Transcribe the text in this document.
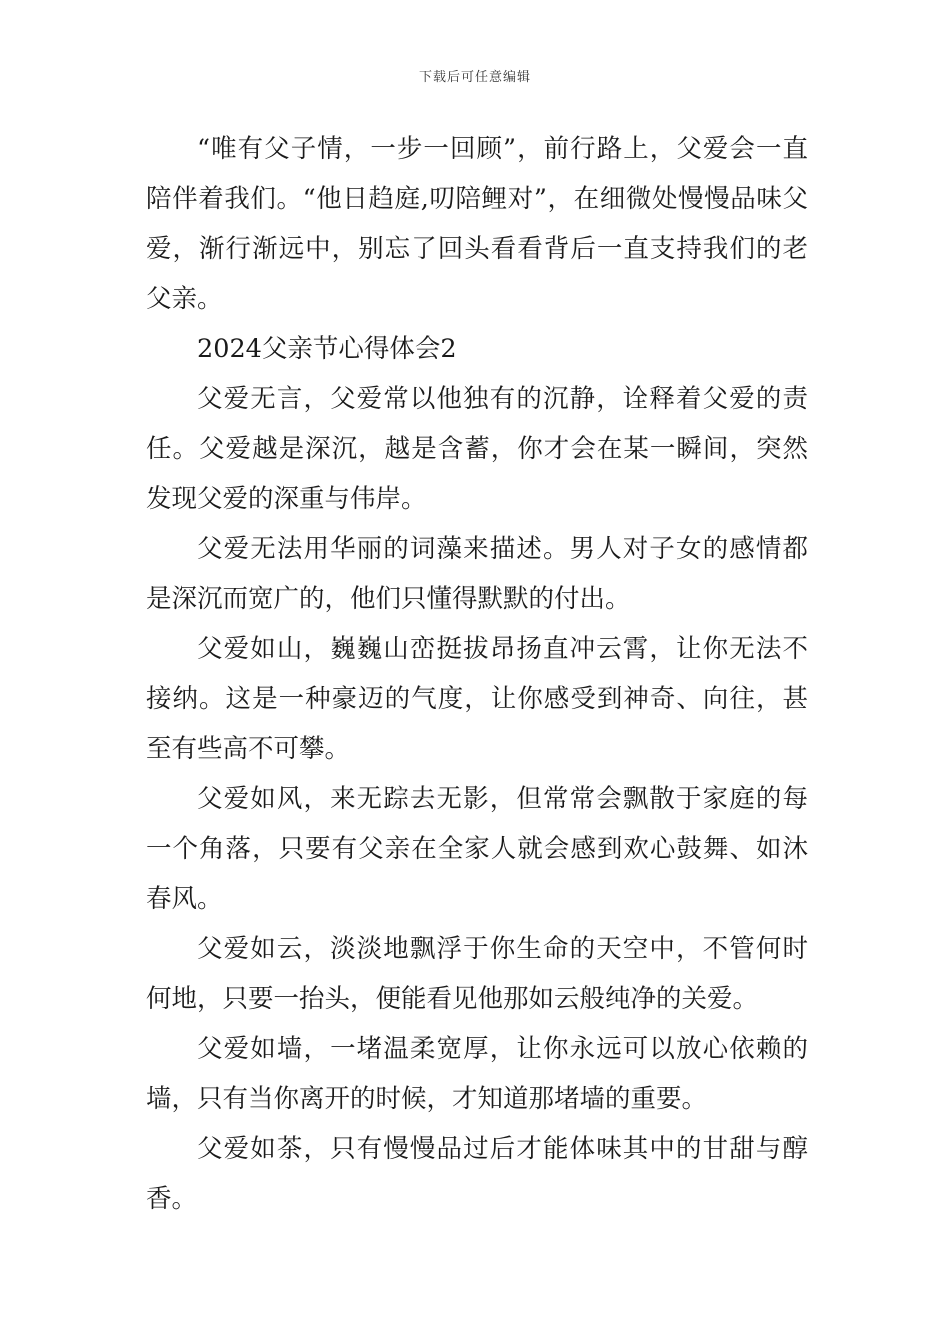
下载后可任意编辑

“唯有父子情，一步一回顾”，前行路上，父爱会一直陪伴着我们。“他日趋庭,叨陪鲤对”，在细微处慢慢品味父爱，渐行渐远中，别忘了回头看看背后一直支持我们的老父亲。

2024父亲节心得体会2

父爱无言，父爱常以他独有的沉静，诠释着父爱的责任。父爱越是深沉，越是含蓄，你才会在某一瞬间，突然发现父爱的深重与伟岸。

父爱无法用华丽的词藻来描述。男人对子女的感情都是深沉而宽广的，他们只懂得默默的付出。

父爱如山，巍巍山峦挺拔昂扬直冲云霄，让你无法不接纳。这是一种豪迈的气度，让你感受到神奇、向往，甚至有些高不可攀。

父爱如风，来无踪去无影，但常常会飘散于家庭的每一个角落，只要有父亲在全家人就会感到欢心鼓舞、如沐春风。

父爱如云，淡淡地飘浮于你生命的天空中，不管何时何地，只要一抬头，便能看见他那如云般纯净的关爱。

父爱如墙，一堵温柔宽厚，让你永远可以放心依赖的墙，只有当你离开的时候，才知道那堵墙的重要。

父爱如茶，只有慢慢品过后才能体味其中的甘甜与醇香。
